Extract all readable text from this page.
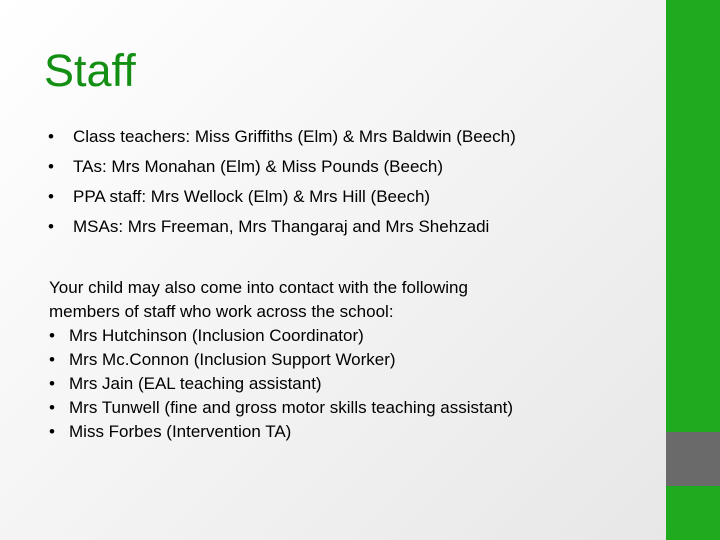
Staff
• Class teachers: Miss Griffiths (Elm) & Mrs Baldwin (Beech)
• TAs: Mrs Monahan (Elm) & Miss Pounds (Beech)
• PPA staff: Mrs Wellock (Elm) & Mrs Hill (Beech)
• MSAs: Mrs Freeman, Mrs Thangaraj and Mrs Shehzadi
Your child may also come into contact with the following
members of staff who work across the school:
• Mrs Hutchinson (Inclusion Coordinator)
• Mrs Mc.Connon (Inclusion Support Worker)
• Mrs Jain (EAL teaching assistant)
• Mrs Tunwell (fine and gross motor skills teaching assistant)
• Miss Forbes (Intervention TA)
